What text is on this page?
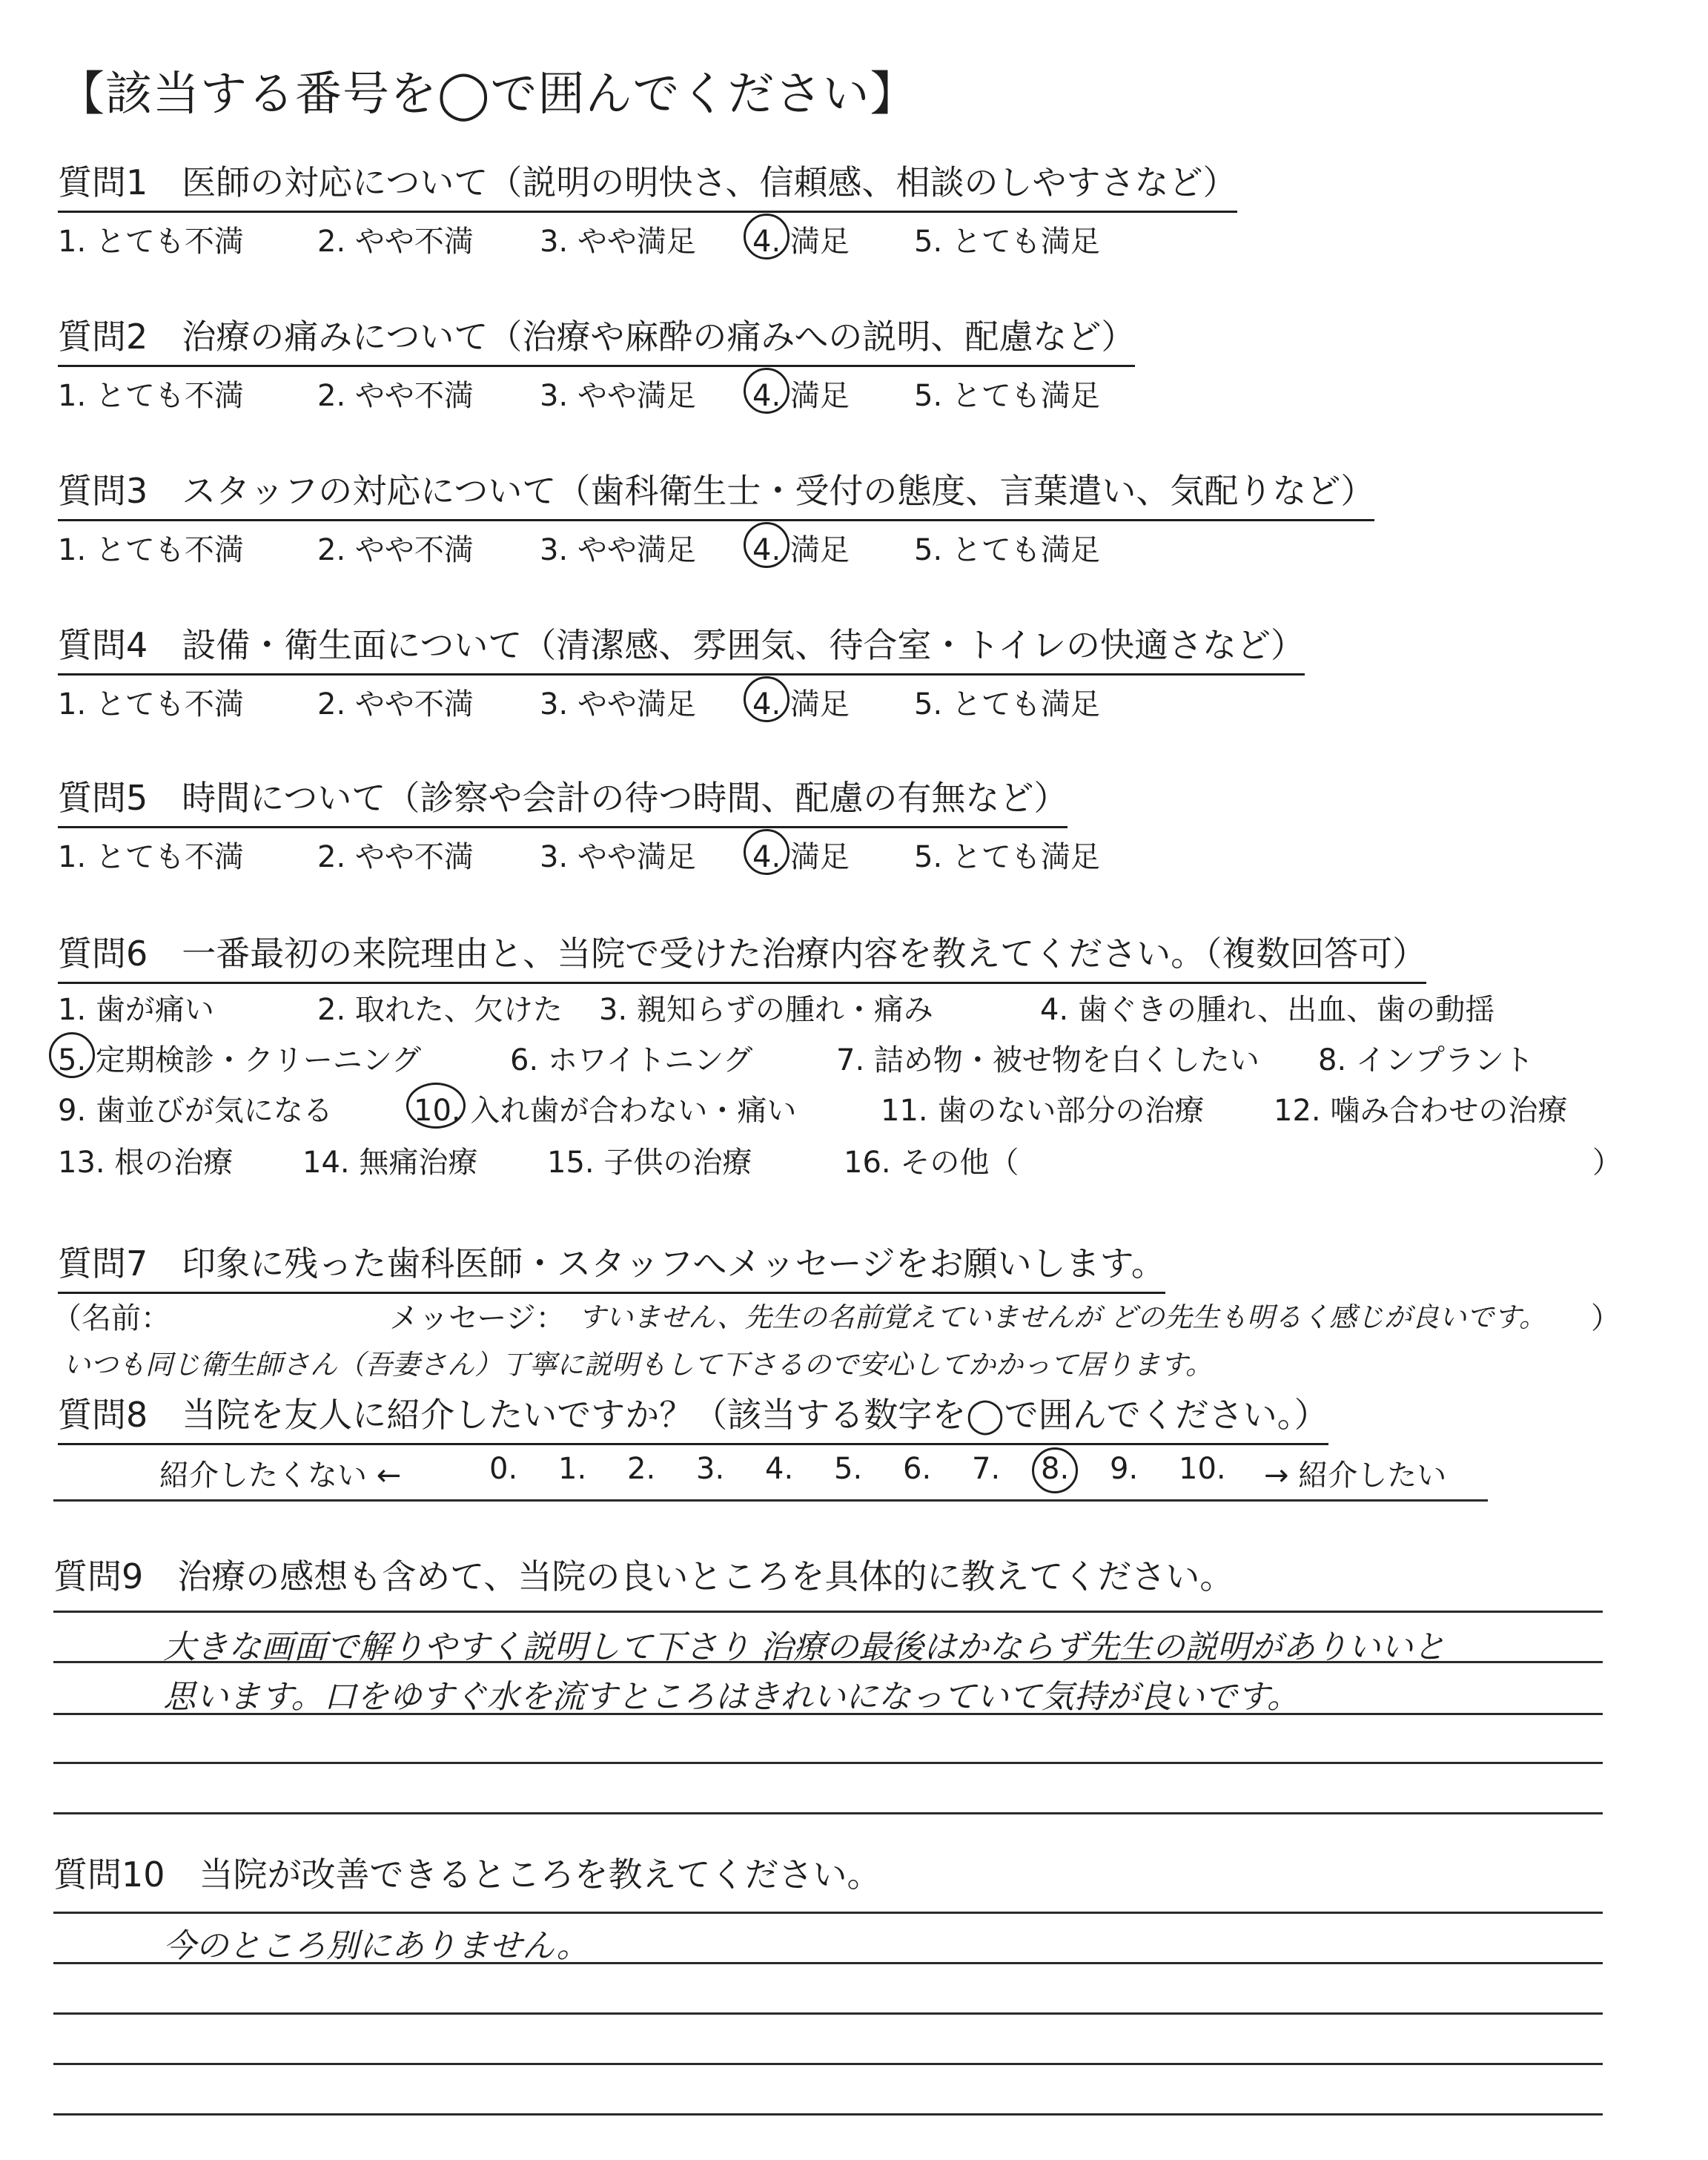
【該当する番号を◯で囲んでください】
質問1　医師の対応について（説明の明快さ、信頼感、相談のしやすさなど）
1. とても不満 2. やや不満 3. やや満足 4. 満足 5. とても満足
質問2　治療の痛みについて（治療や麻酔の痛みへの説明、配慮など）
1. とても不満 2. やや不満 3. やや満足 4. 満足 5. とても満足
質問3　スタッフの対応について（歯科衛生士・受付の態度、言葉遣い、気配りなど）
1. とても不満 2. やや不満 3. やや満足 4. 満足 5. とても満足
質問4　設備・衛生面について（清潔感、雰囲気、待合室・トイレの快適さなど）
1. とても不満 2. やや不満 3. やや満足 4. 満足 5. とても満足
質問5　時間について（診察や会計の待つ時間、配慮の有無など）
1. とても不満 2. やや不満 3. やや満足 4. 満足 5. とても満足
質問6　一番最初の来院理由と、当院で受けた治療内容を教えてください。（複数回答可）
1. 歯が痛い	2. 取れた、欠けた 3. 親知らずの腫れ・痛み	4. 歯ぐきの腫れ、出血、歯の動揺
5. 定期検診・クリーニング	6. ホワイトニング	7. 詰め物・被せ物を白くしたい 8. インプラント
9. 歯並びが気になる	10. 入れ歯が合わない・痛い	11. 歯のない部分の治療 12. 噛み合わせの治療
13. 根の治療 14. 無痛治療 15. 子供の治療	16. その他（	）
質問7　印象に残った歯科医師・スタッフへメッセージをお願いします。
（名前：	メッセージ： すいません、先生の名前覚えていませんが どの先生も明るく感じが良いです。 ）
いつも同じ衛生師さん（吾妻さん）丁寧に説明もして下さるので安心してかかって居ります。
質問8　当院を友人に紹介したいですか？（該当する数字を◯で囲んでください。）
紹介したくない ←	0. 1. 2. 3. 4. 5. 6. 7. 8. 9. 10. → 紹介したい
質問9　治療の感想も含めて、当院の良いところを具体的に教えてください。
大きな画面で解りやすく説明して下さり 治療の最後はかならず先生の説明がありいいと
思います。口をゆすぐ水を流すところはきれいになっていて気持が良いです。
質問10　当院が改善できるところを教えてください。
今のところ別にありません。
